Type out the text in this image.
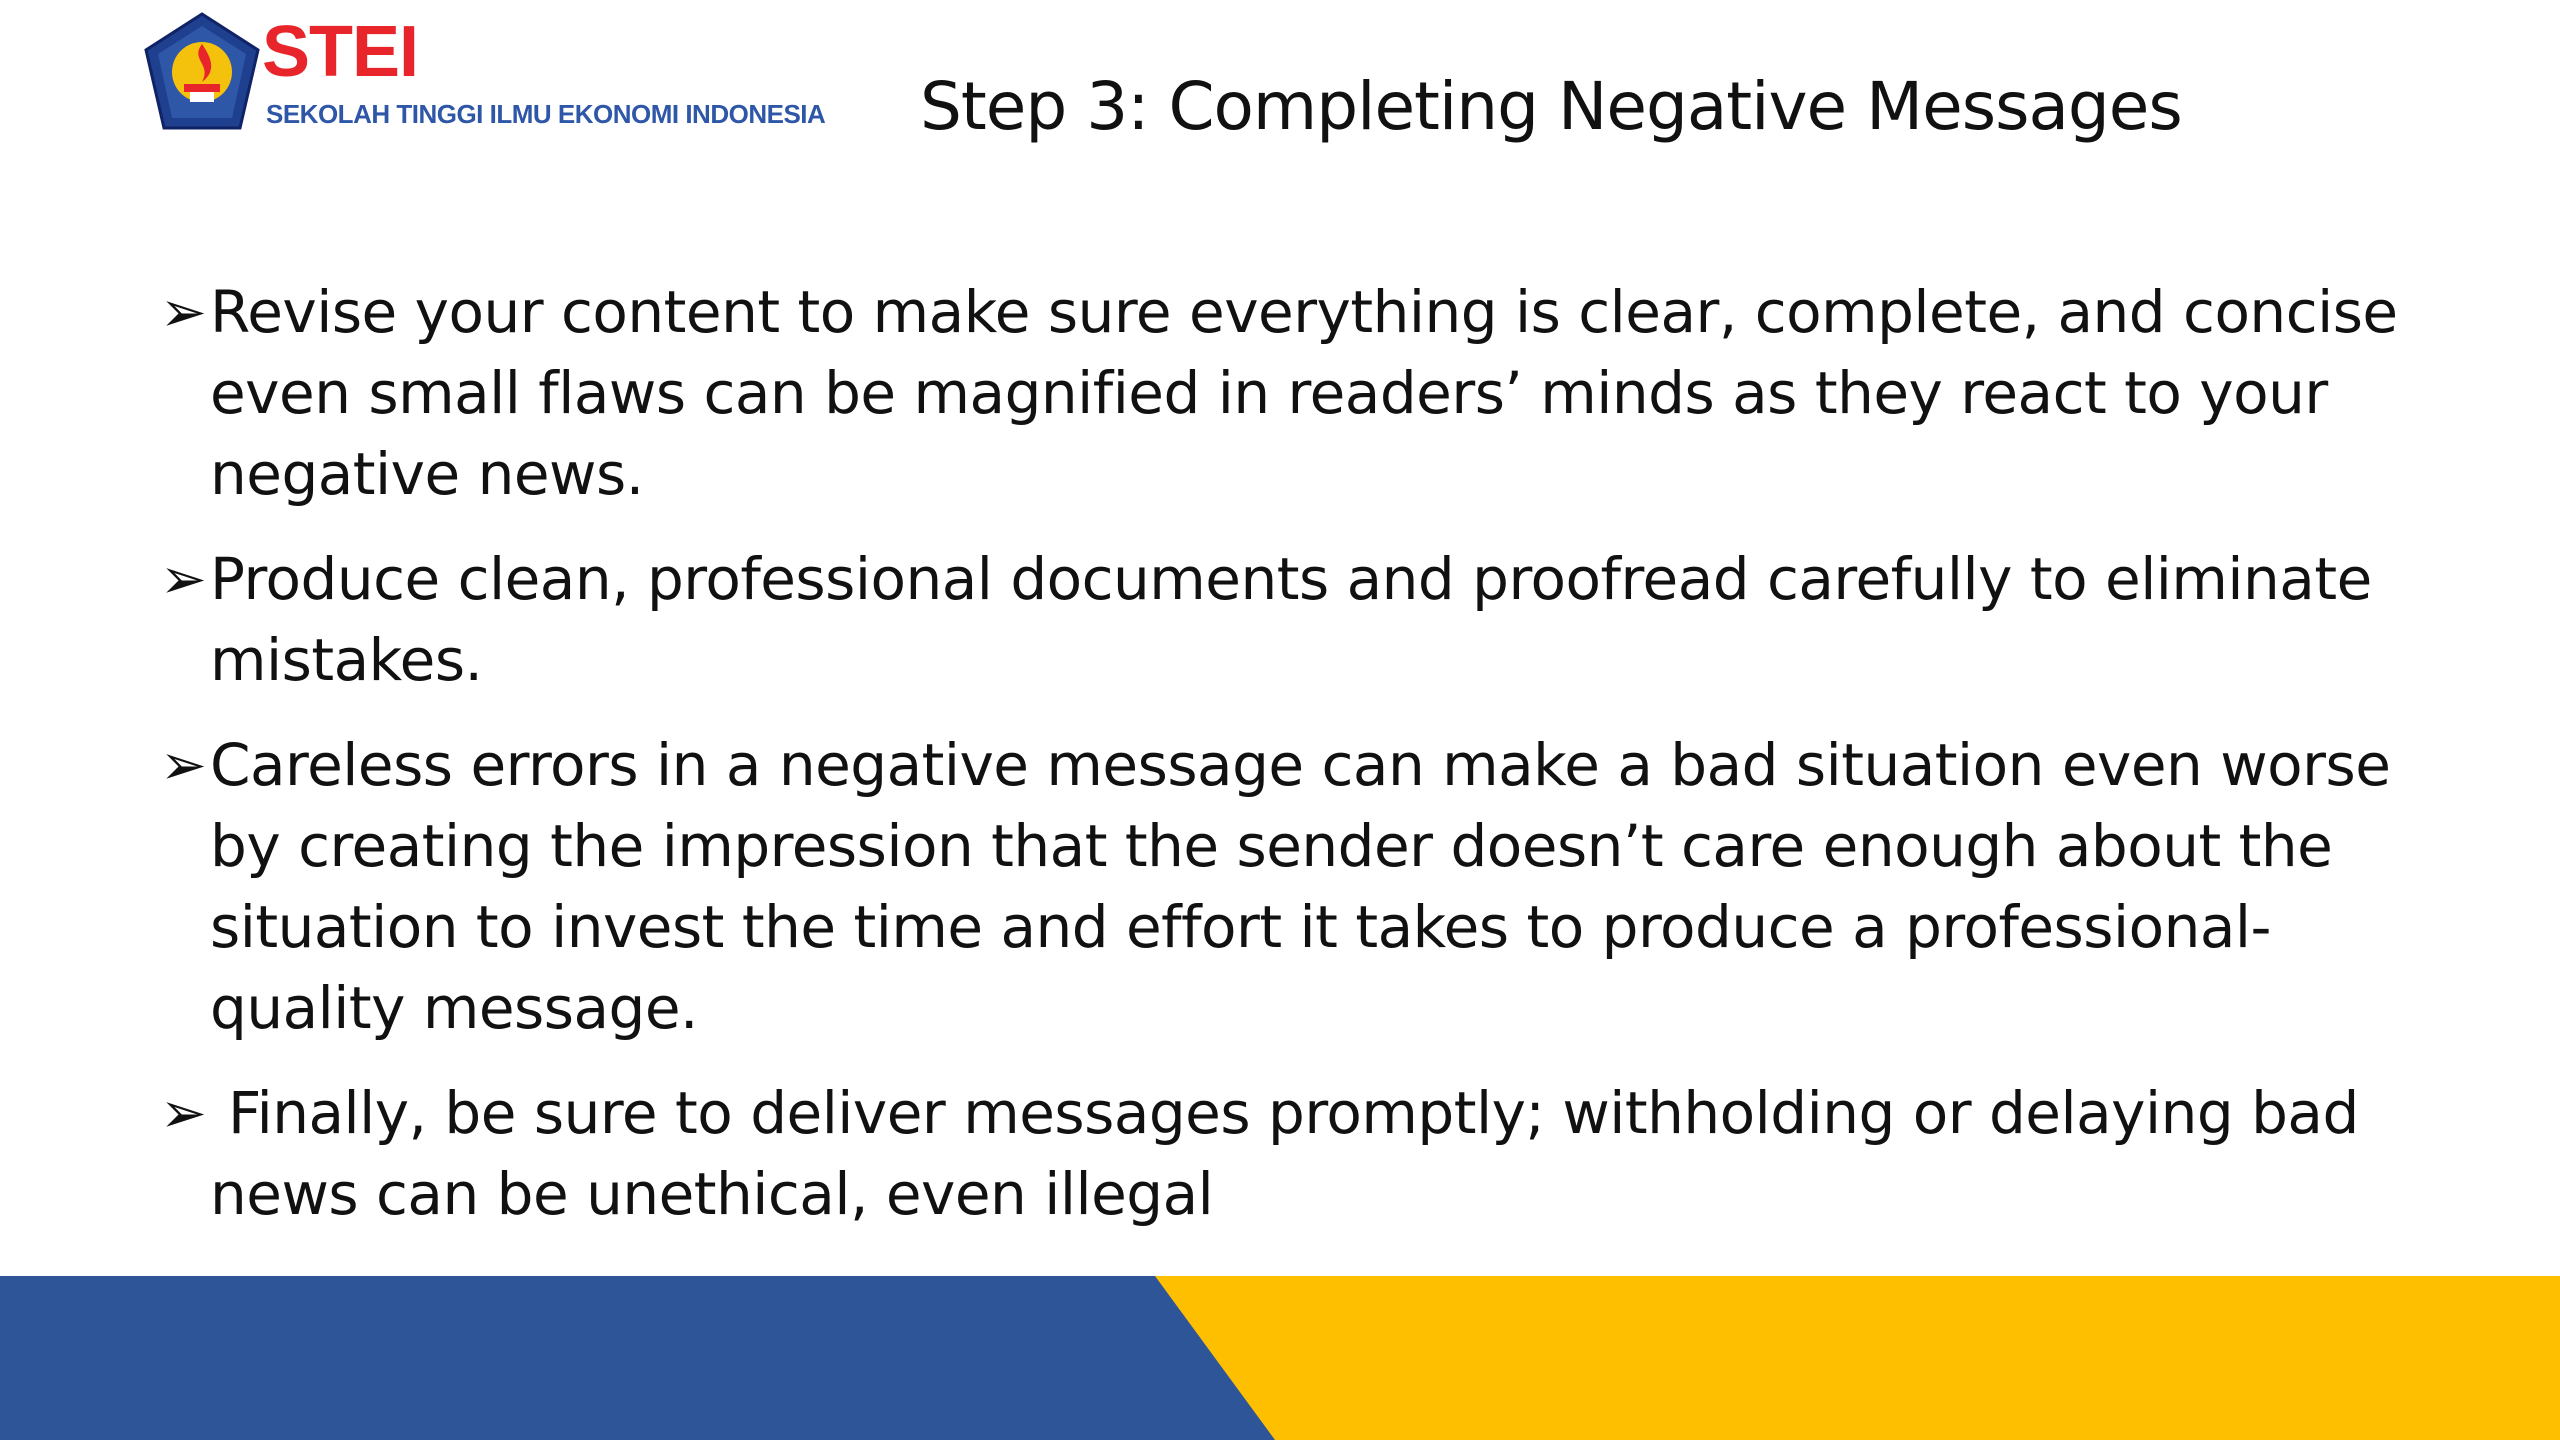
STEI
SEKOLAH TINGGI ILMU EKONOMI INDONESIA Step 3: Completing Negative Messages
➢ Revise your content to make sure everything is clear, complete, and concise even small flaws can be magnified in readers’ minds as they react to your negative news.
➢ Produce clean, professional documents and proofread carefully to eliminate mistakes.
➢ Careless errors in a negative message can make a bad situation even worse by creating the impression that the sender doesn’t care enough about the situation to invest the time and effort it takes to produce a professional-quality message.
➢ Finally, be sure to deliver messages promptly; withholding or delaying bad news can be unethical, even illegal
